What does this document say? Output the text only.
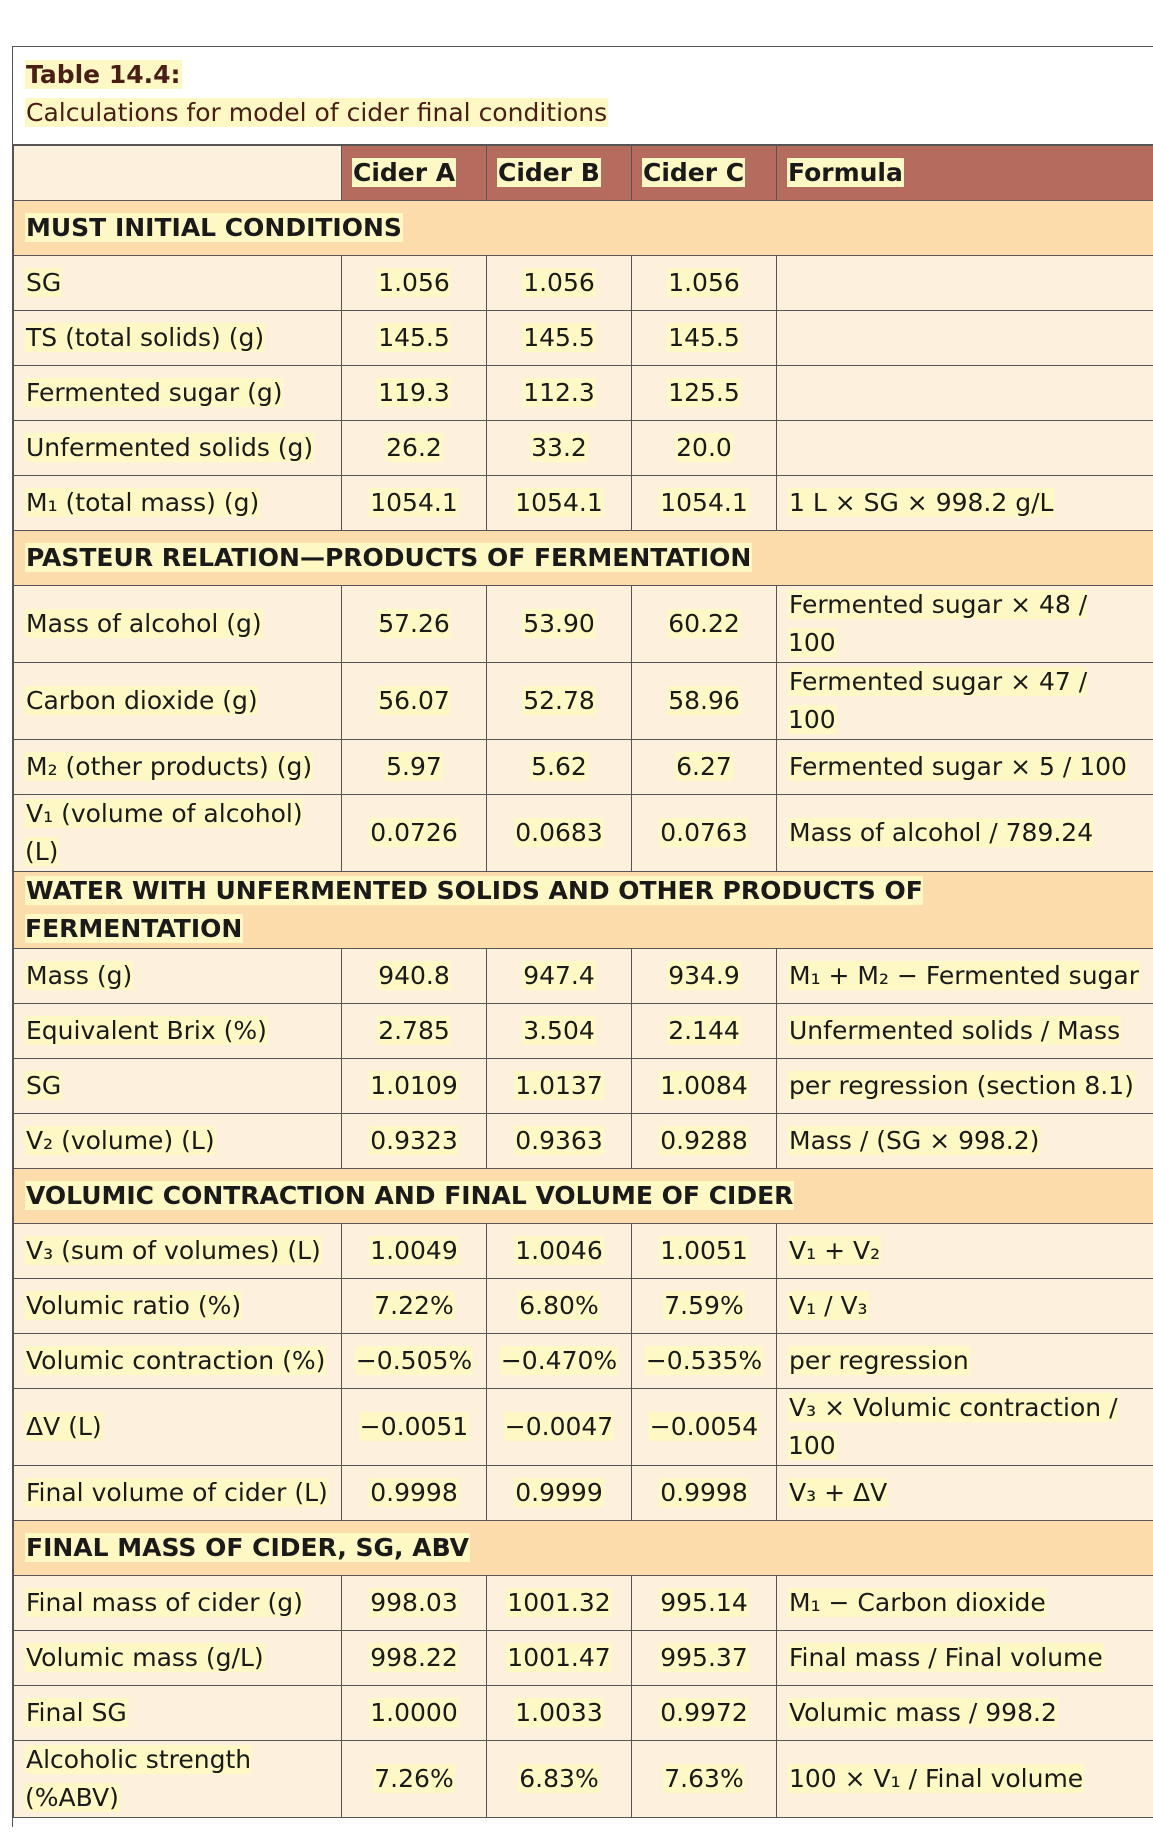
Table 14.4:
Calculations for model of cider final conditions
	Cider A	Cider B	Cider C	Formula
MUST INITIAL CONDITIONS				
SG	1.056	1.056	1.056	
TS (total solids) (g)	145.5	145.5	145.5	
Fermented sugar (g)	119.3	112.3	125.5	
Unfermented solids (g)	26.2	33.2	20.0	
M₁ (total mass) (g)	1054.1	1054.1	1054.1	1 L × SG × 998.2 g/L
PASTEUR RELATION—PRODUCTS OF FERMENTATION				
Mass of alcohol (g)	57.26	53.90	60.22	Fermented sugar × 48 / 100
Carbon dioxide (g)	56.07	52.78	58.96	Fermented sugar × 47 / 100
M₂ (other products) (g)	5.97	5.62	6.27	Fermented sugar × 5 / 100
V₁ (volume of alcohol) (L)	0.0726	0.0683	0.0763	Mass of alcohol / 789.24
WATER WITH UNFERMENTED SOLIDS AND OTHER PRODUCTS OF FERMENTATION				
Mass (g)	940.8	947.4	934.9	M₁ + M₂ − Fermented sugar
Equivalent Brix (%)	2.785	3.504	2.144	Unfermented solids / Mass
SG	1.0109	1.0137	1.0084	per regression (section 8.1)
V₂ (volume) (L)	0.9323	0.9363	0.9288	Mass / (SG × 998.2)
VOLUMIC CONTRACTION AND FINAL VOLUME OF CIDER				
V₃ (sum of volumes) (L)	1.0049	1.0046	1.0051	V₁ + V₂
Volumic ratio (%)	7.22%	6.80%	7.59%	V₁ / V₃
Volumic contraction (%)	−0.505%	−0.470%	−0.535%	per regression
ΔV (L)	−0.0051	−0.0047	−0.0054	V₃ × Volumic contraction / 100
Final volume of cider (L)	0.9998	0.9999	0.9998	V₃ + ΔV
FINAL MASS OF CIDER, SG, ABV				
Final mass of cider (g)	998.03	1001.32	995.14	M₁ − Carbon dioxide
Volumic mass (g/L)	998.22	1001.47	995.37	Final mass / Final volume
Final SG	1.0000	1.0033	0.9972	Volumic mass / 998.2
Alcoholic strength (%ABV)	7.26%	6.83%	7.63%	100 × V₁ / Final volume
